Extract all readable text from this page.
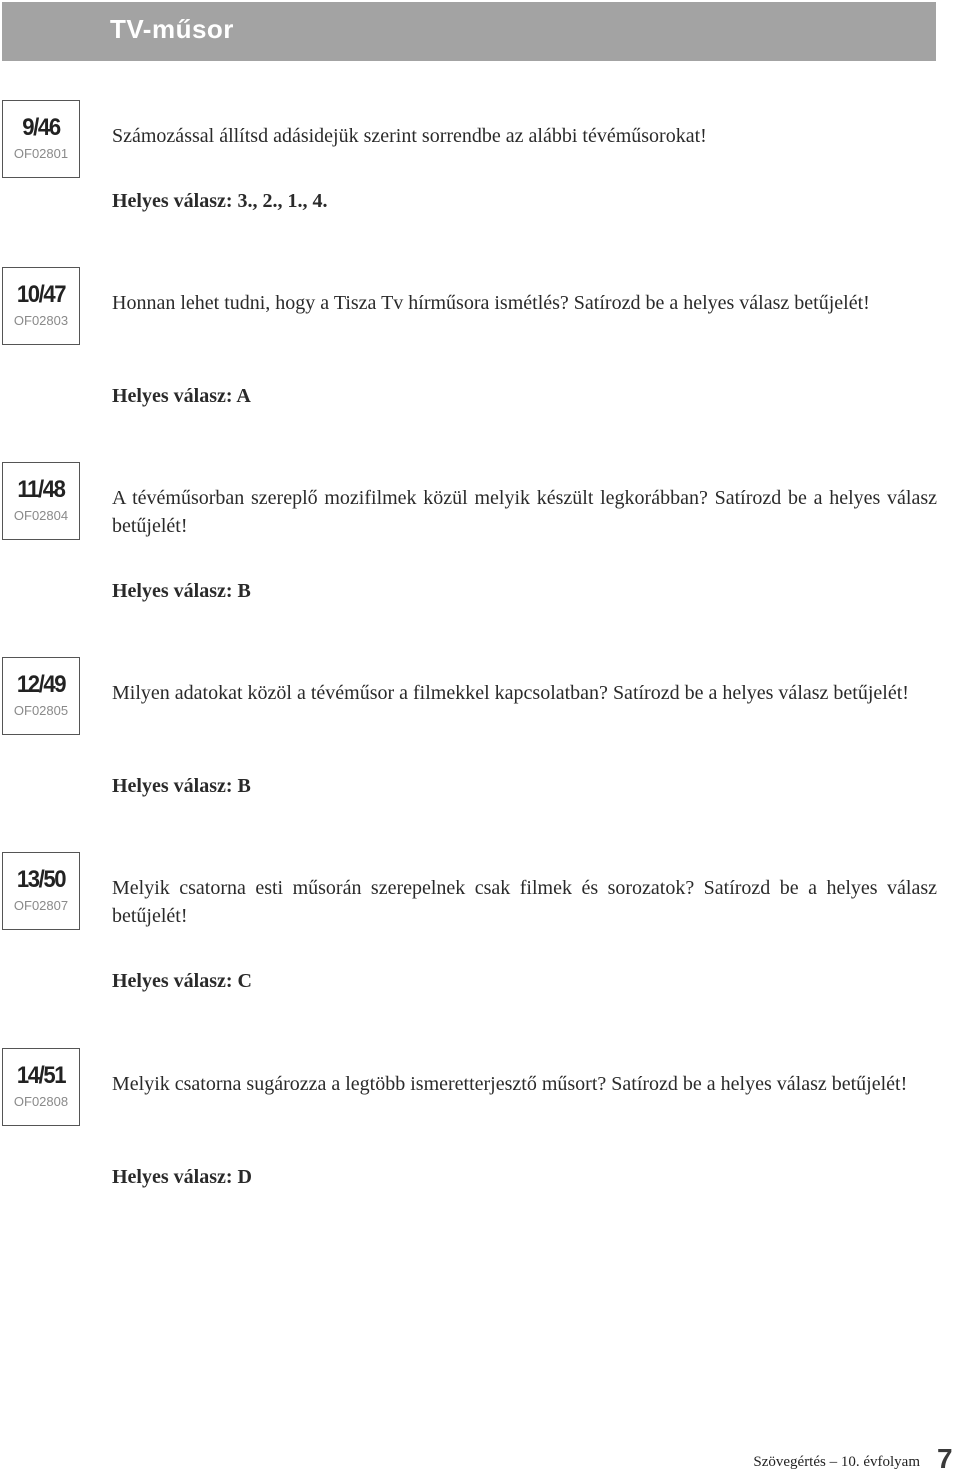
TV-műsor
9/46
OF02801
Számozással állítsd adásidejük szerint sorrendbe az alábbi tévéműsorokat!
Helyes válasz: 3., 2., 1., 4.
10/47
OF02803
Honnan lehet tudni, hogy a Tisza Tv hírműsora ismétlés? Satírozd be a helyes válasz betűjelét!
Helyes válasz: A
11/48
OF02804
A tévéműsorban szereplő mozifilmek közül melyik készült legkorábban? Satírozd be a helyes válasz betűjelét!
Helyes válasz: B
12/49
OF02805
Milyen adatokat közöl a tévéműsor a filmekkel kapcsolatban? Satírozd be a helyes válasz betűjelét!
Helyes válasz: B
13/50
OF02807
Melyik csatorna esti műsorán szerepelnek csak filmek és sorozatok? Satírozd be a helyes válasz betűjelét!
Helyes válasz: C
14/51
OF02808
Melyik csatorna sugározza a legtöbb ismeretterjesztő műsort? Satírozd be a helyes válasz betűjelét!
Helyes válasz: D
Szövegértés – 10. évfolyam 7
